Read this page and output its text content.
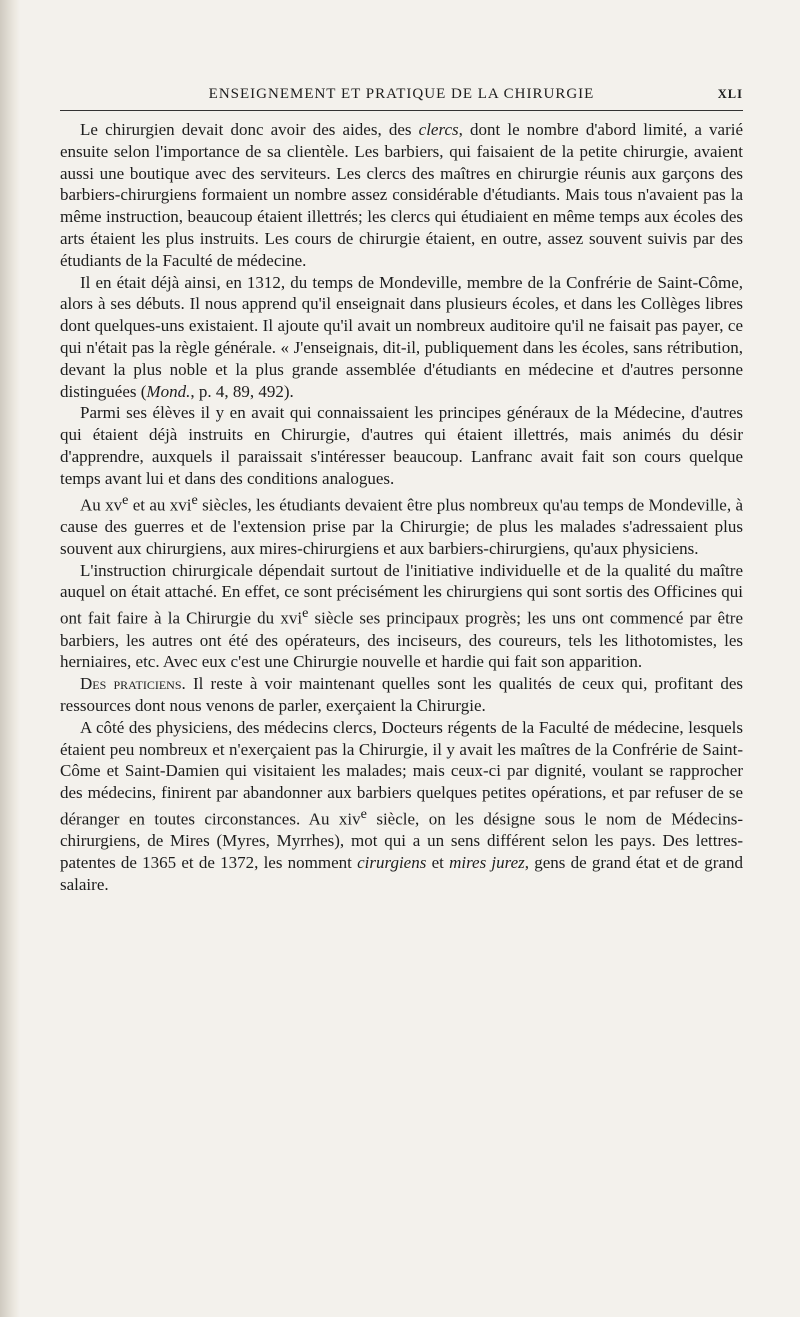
ENSEIGNEMENT ET PRATIQUE DE LA CHIRURGIE	XLI

Le chirurgien devait donc avoir des aides, des clercs, dont le nombre d'abord limité, a varié ensuite selon l'importance de sa clientèle. Les barbiers, qui faisaient de la petite chirurgie, avaient aussi une boutique avec des serviteurs. Les clercs des maîtres en chirurgie réunis aux garçons des barbiers-chirurgiens formaient un nombre assez considérable d'étudiants. Mais tous n'avaient pas la même instruction, beaucoup étaient illettrés; les clercs qui étudiaient en même temps aux écoles des arts étaient les plus instruits. Les cours de chirurgie étaient, en outre, assez souvent suivis par des étudiants de la Faculté de médecine.

Il en était déjà ainsi, en 1312, du temps de Mondeville, membre de la Confrérie de Saint-Côme, alors à ses débuts. Il nous apprend qu'il enseignait dans plusieurs écoles, et dans les Collèges libres dont quelques-uns existaient. Il ajoute qu'il avait un nombreux auditoire qu'il ne faisait pas payer, ce qui n'était pas la règle générale. « J'enseignais, dit-il, publiquement dans les écoles, sans rétribution, devant la plus noble et la plus grande assemblée d'étudiants en médecine et d'autres personne distinguées (Mond., p. 4, 89, 492).

Parmi ses élèves il y en avait qui connaissaient les principes généraux de la Médecine, d'autres qui étaient déjà instruits en Chirurgie, d'autres qui étaient illettrés, mais animés du désir d'apprendre, auxquels il paraissait s'intéresser beaucoup. Lanfranc avait fait son cours quelque temps avant lui et dans des conditions analogues.

Au $xv^e$ et au xvi$^e$ siècles, les étudiants devaient être plus nombreux qu'au temps de Mondeville, à cause des guerres et de l'extension prise par la Chirurgie; de plus les malades s'adressaient plus souvent aux chirurgiens, aux mires-chirurgiens et aux barbiers-chirurgiens, qu'aux physiciens.

L'instruction chirurgicale dépendait surtout de l'initiative individuelle et de la qualité du maître auquel on était attaché. En effet, ce sont précisément les chirurgiens qui sont sortis des Officines qui ont fait faire à la Chirurgie du xvi$^e$ siècle ses principaux progrès; les uns ont commencé par être barbiers, les autres ont été des opérateurs, des inciseurs, des coureurs, tels les lithotomistes, les herniaires, etc. Avec eux c'est une Chirurgie nouvelle et hardie qui fait son apparition.

Des praticiens. Il reste à voir maintenant quelles sont les qualités de ceux qui, profitant des ressources dont nous venons de parler, exerçaient la Chirurgie.

A côté des physiciens, des médecins clercs, Docteurs régents de la Faculté de médecine, lesquels étaient peu nombreux et n'exerçaient pas la Chirurgie, il y avait les maîtres de la Confrérie de Saint-Côme et Saint-Damien qui visitaient les malades; mais ceux-ci par dignité, voulant se rapprocher des médecins, finirent par abandonner aux barbiers quelques petites opérations, et par refuser de se déranger en toutes circonstances. Au xiv$^e$ siècle, on les désigne sous le nom de Médecins-chirurgiens, de Mires (Myres, Myrrhes), mot qui a un sens différent selon les pays. Des lettres-patentes de 1365 et de 1372, les nomment cirurgiens et mires jurez, gens de grand état et de grand salaire.
